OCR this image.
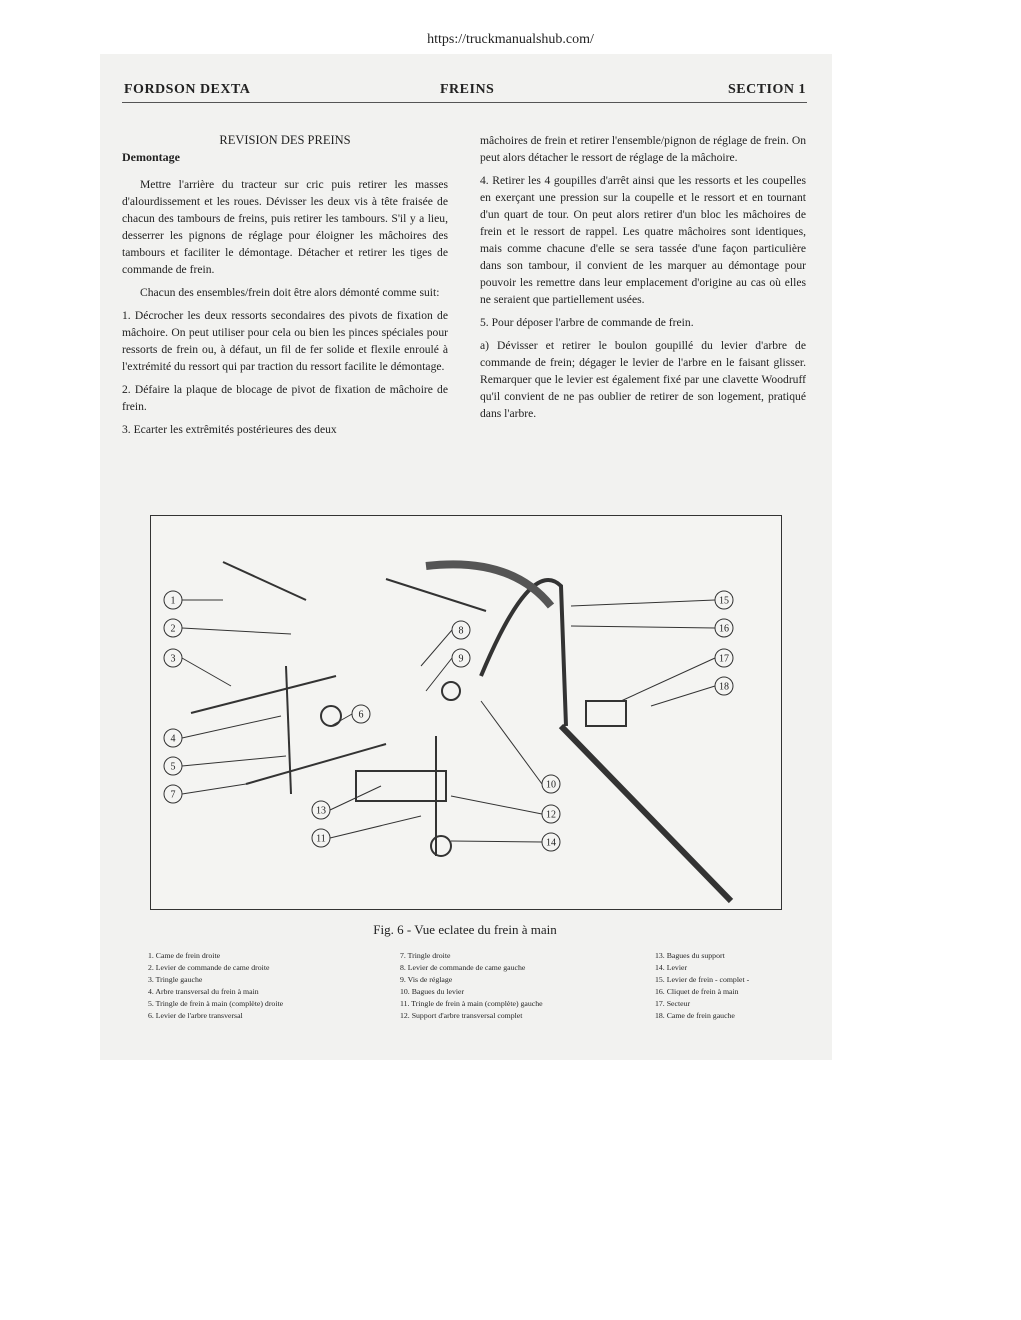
https://truckmanualshub.com/
FORDSON DEXTA	FREINS	SECTION 1

REVISION DES PREINS

Demontage

Mettre l'arrière du tracteur sur cric puis retirer les masses d'alourdissement et les roues. Dévisser les deux vis à tête fraisée de chacun des tambours de freins, puis retirer les tambours. S'il y a lieu, desserrer les pignons de réglage pour éloigner les mâchoires des tambours et faciliter le démontage. Détacher et retirer les tiges de commande de frein.

Chacun des ensembles/frein doit être alors démonté comme suit:

1. Décrocher les deux ressorts secondaires des pivots de fixation de mâchoire. On peut utiliser pour cela ou bien les pinces spéciales pour ressorts de frein ou, à défaut, un fil de fer solide et flexile enroulé à l'extrémité du ressort qui par traction du ressort facilite le démontage.

2. Défaire la plaque de blocage de pivot de fixation de mâchoire de frein.

3. Ecarter les extrêmités postérieures des deux

mâchoires de frein et retirer l'ensemble/pignon de réglage de frein. On peut alors détacher le ressort de réglage de la mâchoire.

4. Retirer les 4 goupilles d'arrêt ainsi que les ressorts et les coupelles en exerçant une pression sur la coupelle et le ressort et en tournant d'un quart de tour. On peut alors retirer d'un bloc les mâchoires de frein et le ressort de rappel. Les quatre mâchoires sont identiques, mais comme chacune d'elle se sera tassée d'une façon particulière dans son tambour, il convient de les marquer au démontage pour pouvoir les remettre dans leur emplacement d'origine au cas où elles ne seraient que partiellement usées.

5. Pour déposer l'arbre de commande de frein.

a) Dévisser et retirer le boulon goupillé du levier d'arbre de commande de frein; dégager le levier de l'arbre en le faisant glisser. Remarquer que le levier est également fixé par une clavette Woodruff qu'il convient de ne pas oublier de retirer de son logement, pratiqué dans l'arbre.

1
2
3
4
5
6
7
8
9
10
11
12
13
14
15
16
17
18
Fig. 6 - Vue eclatee du frein à main
1. Came de frein droite
2. Levier de commande de came droite
3. Tringle gauche
4. Arbre transversal du frein à main
5. Tringle de frein à main (complète) droite
6. Levier de l'arbre transversal
7. Tringle droite
8. Levier de commande de came gauche
9. Vis de réglage
10. Bagues du levier
11. Tringle de frein à main (complète) gauche
12. Support d'arbre transversal complet
13. Bagues du support
14. Levier
15. Levier de frein - complet -
16. Cliquet de frein à main
17. Secteur
18. Came de frein gauche
